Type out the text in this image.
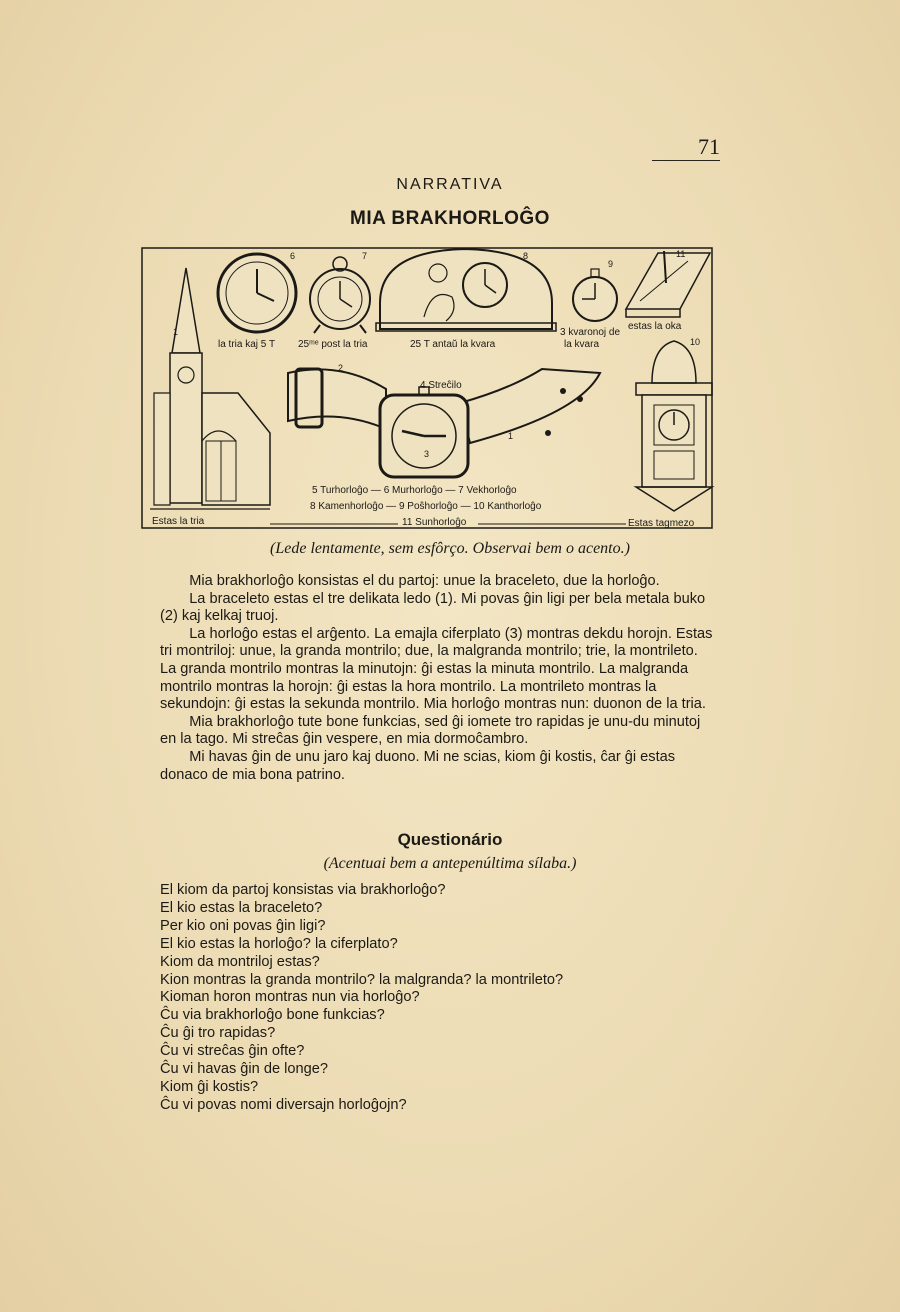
71
NARRATIVA
MIA BRAKHORLOĜO
6
la tria kaj 5 T
7
25ᵐᵉ post la tria
8
25 T antaŭ la kvara
9
3 kvaronoj de
la kvara
11
estas la oka
1
Estas la tria
2
3
1
4 Streĉilo
10
Estas tagmezo
5 Turhorloĝo — 6 Murhorloĝo — 7 Vekhorloĝo
8 Kamenhorloĝo — 9 Poŝhorloĝo — 10 Kanthorloĝo
11 Sunhorloĝo
(Lede lentamente, sem esfôrço. Observai bem o acento.)

  Mia brakhorloĝo konsistas el du partoj: unue la braceleto, due la horloĝo.

  La braceleto estas el tre delikata ledo (1). Mi povas ĝin ligi per bela metala buko (2) kaj kelkaj truoj.

  La horloĝo estas el arĝento. La emajla ciferplato (3) montras dekdu horojn. Estas tri montriloj: unue, la granda montrilo; due, la malgranda montrilo; trie, la montrileto. La granda montrilo montras la minutojn: ĝi estas la minuta montrilo. La malgranda montrilo montras la horojn: ĝi estas la hora montrilo. La montrileto montras la sekundojn: ĝi estas la sekunda montrilo. Mia horloĝo montras nun: duonon de la tria.

  Mia brakhorloĝo tute bone funkcias, sed ĝi iomete tro rapidas je unu-du minutoj en la tago. Mi streĉas ĝin vespere, en mia dormoĉambro.

  Mi havas ĝin de unu jaro kaj duono. Mi ne scias, kiom ĝi kostis, ĉar ĝi estas donaco de mia bona patrino.

Questionário
(Acentuai bem a antepenúltima sílaba.)
El kiom da partoj konsistas via brakhorloĝo?
El kio estas la braceleto?
Per kio oni povas ĝin ligi?
El kio estas la horloĝo? la ciferplato?
Kiom da montriloj estas?
Kion montras la granda montrilo? la malgranda? la montrileto?
Kioman horon montras nun via horloĝo?
Ĉu via brakhorloĝo bone funkcias?
Ĉu ĝi tro rapidas?
Ĉu vi streĉas ĝin ofte?
Ĉu vi havas ĝin de longe?
Kiom ĝi kostis?
Ĉu vi povas nomi diversajn horloĝojn?
